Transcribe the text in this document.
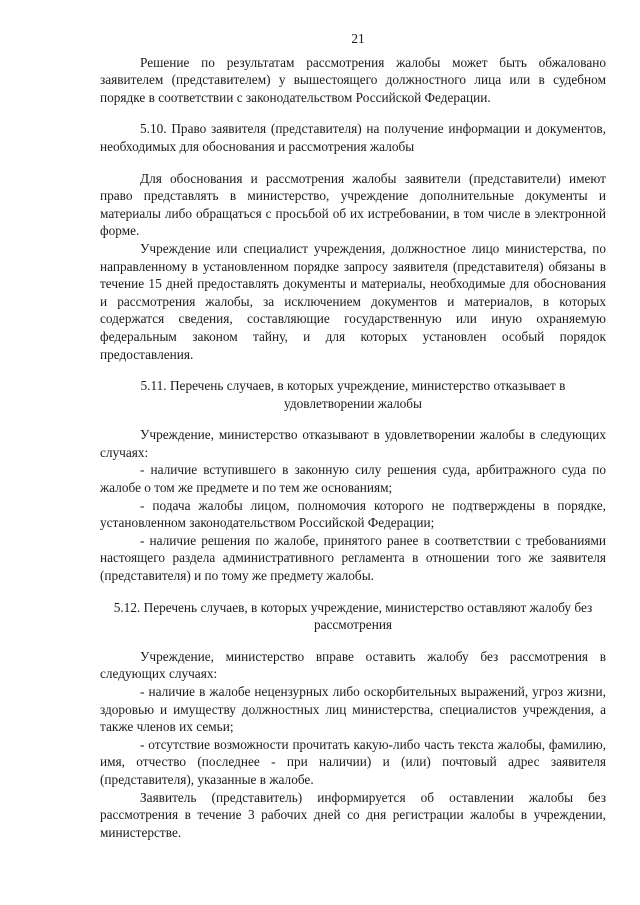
21

Решение по результатам рассмотрения жалобы может быть обжаловано заявителем (представителем) у вышестоящего должностного лица или в судебном порядке в соответствии с законодательством Российской Федерации.

5.10. Право заявителя (представителя) на получение информации и документов, необходимых для обоснования и рассмотрения жалобы

Для обоснования и рассмотрения жалобы заявители (представители) имеют право представлять в министерство, учреждение дополнительные документы и материалы либо обращаться с просьбой об их истребовании, в том числе в электронной форме.

Учреждение или специалист учреждения, должностное лицо министерства, по направленному в установленном порядке запросу заявителя (представителя) обязаны в течение 15 дней предоставлять документы и материалы, необходимые для обоснования и рассмотрения жалобы, за исключением документов и материалов, в которых содержатся сведения, составляющие государственную или иную охраняемую федеральным законом тайну, и для которых установлен особый порядок предоставления.

5.11. Перечень случаев, в которых учреждение, министерство отказывает в удовлетворении жалобы

Учреждение, министерство отказывают в удовлетворении жалобы в следующих случаях:

- наличие вступившего в законную силу решения суда, арбитражного суда по жалобе о том же предмете и по тем же основаниям;

- подача жалобы лицом, полномочия которого не подтверждены в порядке, установленном законодательством Российской Федерации;

- наличие решения по жалобе, принятого ранее в соответствии с требованиями настоящего раздела административного регламента в отношении того же заявителя (представителя) и по тому же предмету жалобы.

5.12. Перечень случаев, в которых учреждение, министерство оставляют жалобу без рассмотрения

Учреждение, министерство вправе оставить жалобу без рассмотрения в следующих случаях:

- наличие в жалобе нецензурных либо оскорбительных выражений, угроз жизни, здоровью и имуществу должностных лиц министерства, специалистов учреждения, а также членов их семьи;

- отсутствие возможности прочитать какую-либо часть текста жалобы, фамилию, имя, отчество (последнее - при наличии) и (или) почтовый адрес заявителя (представителя), указанные в жалобе.

Заявитель (представитель) информируется об оставлении жалобы без рассмотрения в течение 3 рабочих дней со дня регистрации жалобы в учреждении, министерстве.
